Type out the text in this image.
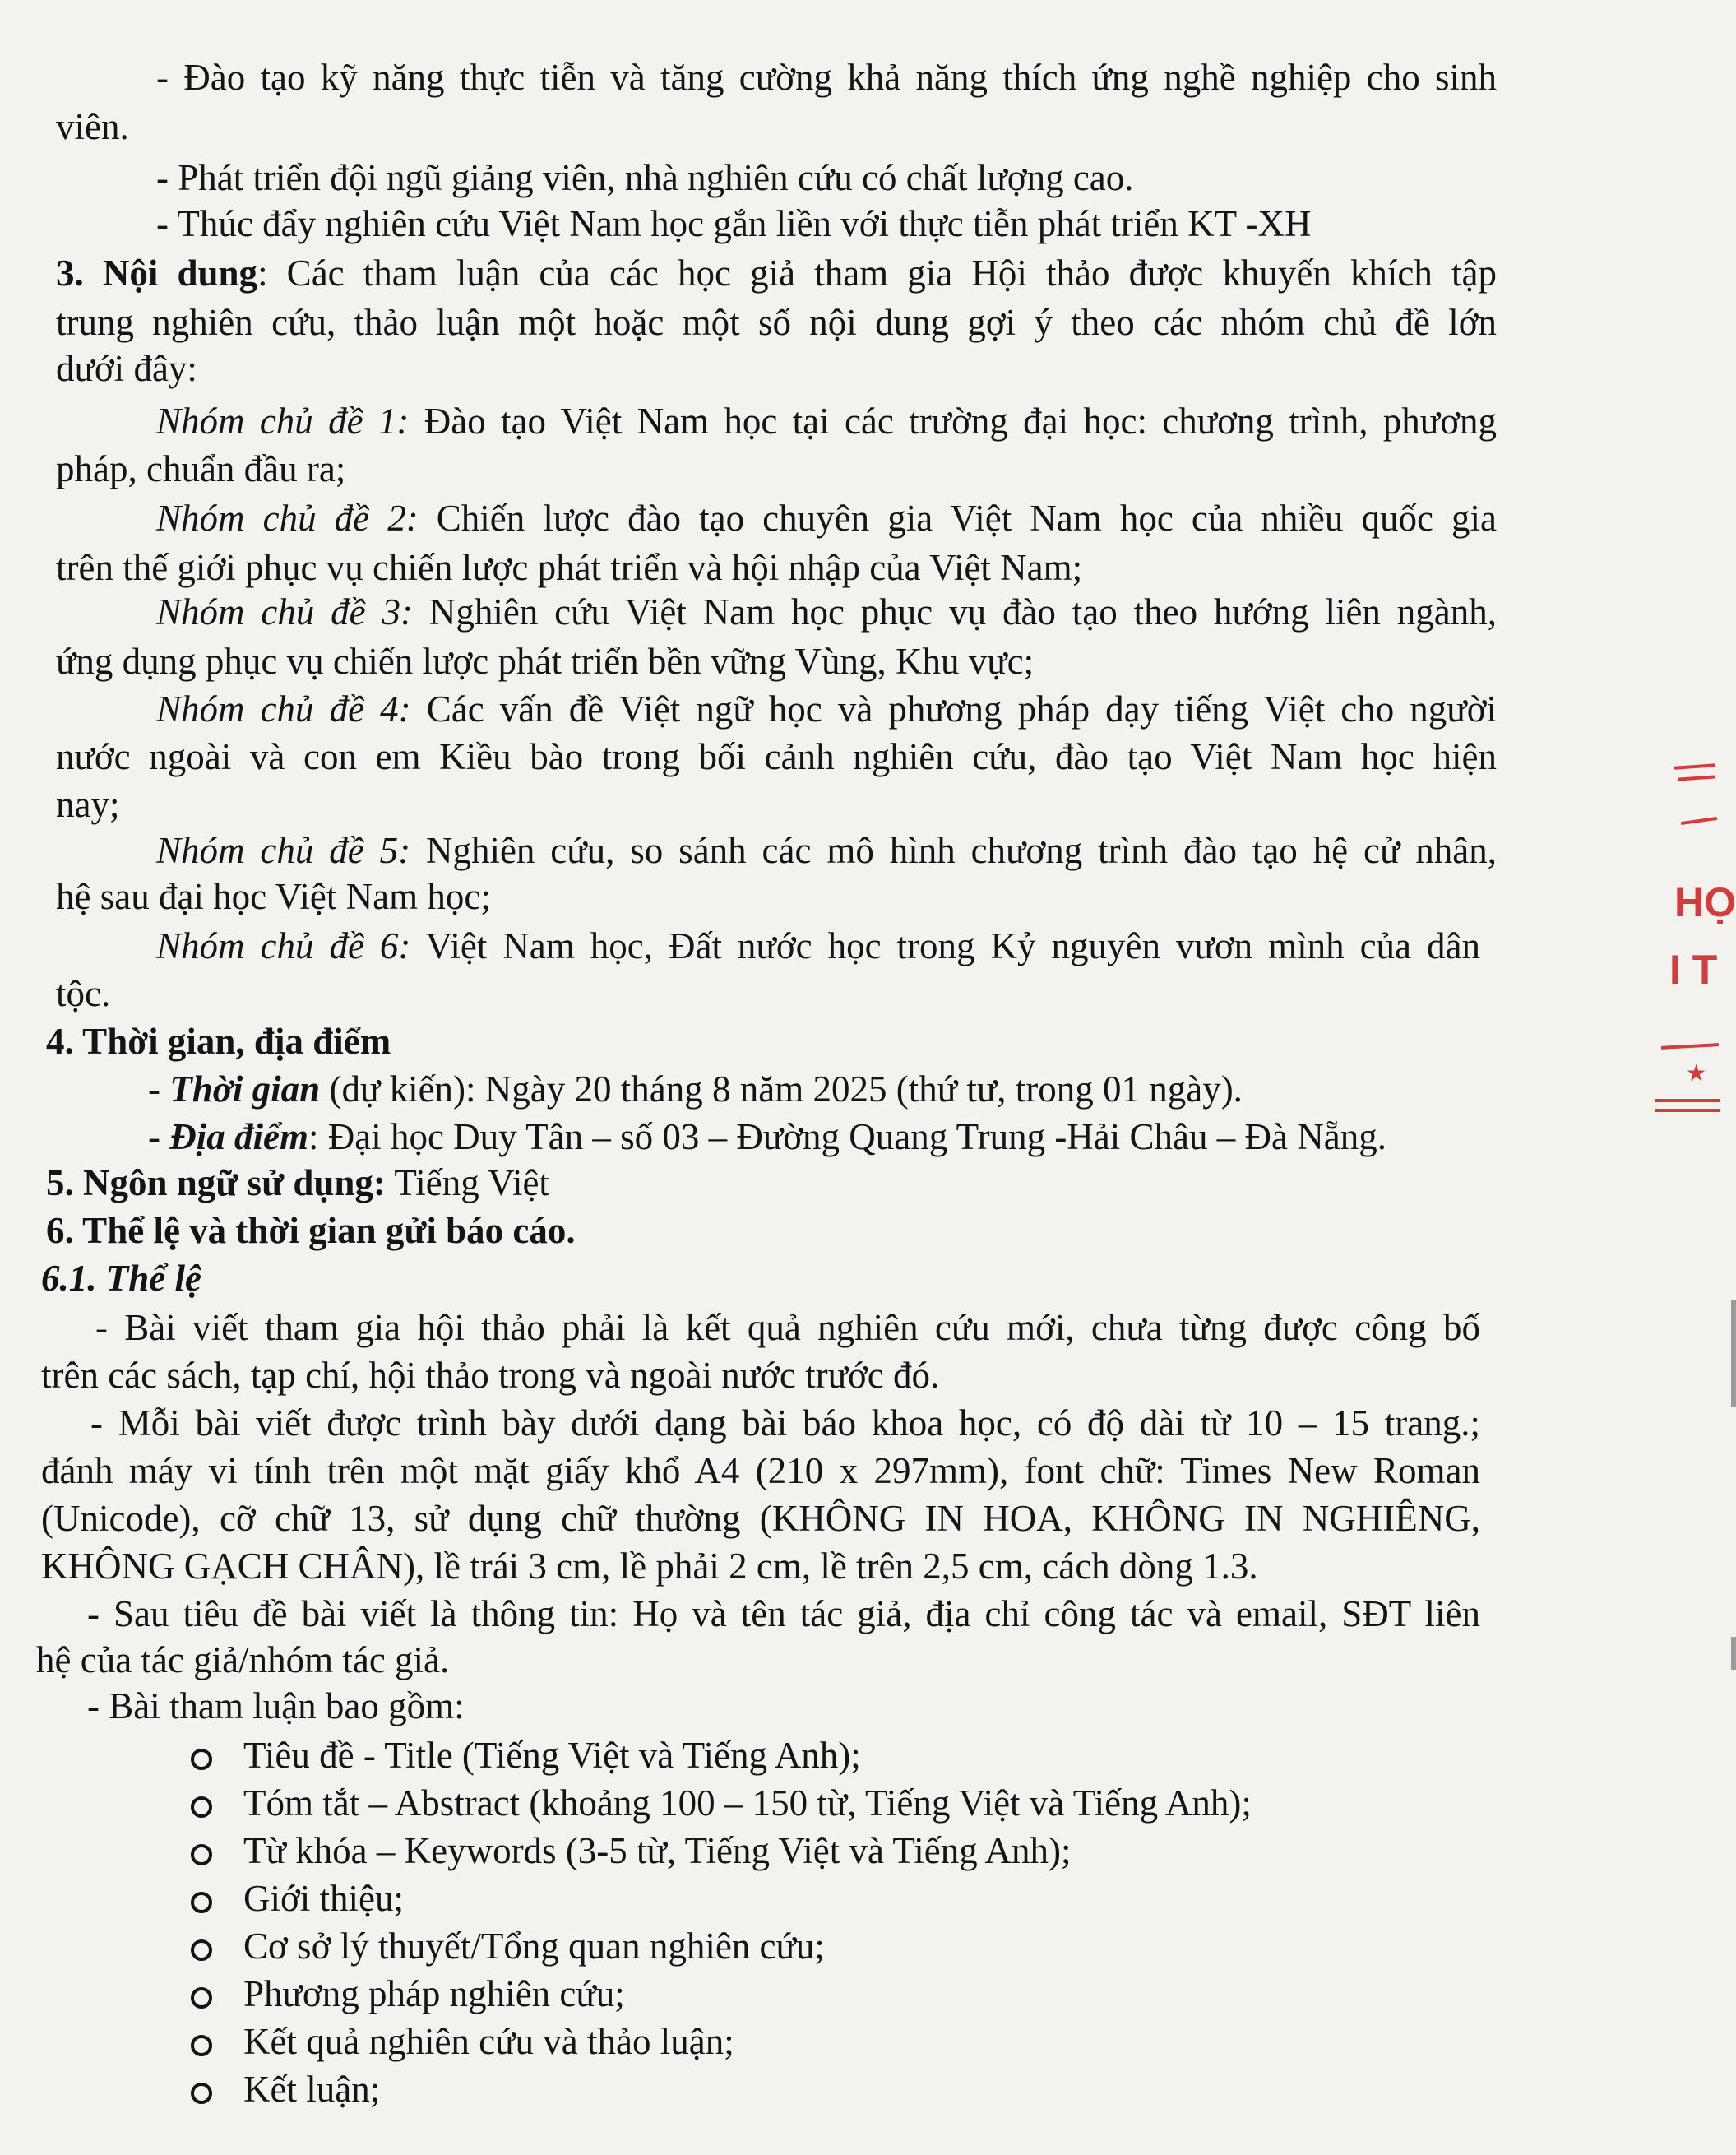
- Đào tạo kỹ năng thực tiễn và tăng cường khả năng thích ứng nghề nghiệp cho sinh
viên.
- Phát triển đội ngũ giảng viên, nhà nghiên cứu có chất lượng cao.
- Thúc đẩy nghiên cứu Việt Nam học gắn liền với thực tiễn phát triển KT -XH
3. Nội dung: Các tham luận của các học giả tham gia Hội thảo được khuyến khích tập
trung nghiên cứu, thảo luận một hoặc một số nội dung gợi ý theo các nhóm chủ đề lớn
dưới đây:
Nhóm chủ đề 1: Đào tạo Việt Nam học tại các trường đại học: chương trình, phương
pháp, chuẩn đầu ra;
Nhóm chủ đề 2: Chiến lược đào tạo chuyên gia Việt Nam học của nhiều quốc gia
trên thế giới phục vụ chiến lược phát triển và hội nhập của Việt Nam;
Nhóm chủ đề 3: Nghiên cứu Việt Nam học phục vụ đào tạo theo hướng liên ngành,
ứng dụng phục vụ chiến lược phát triển bền vững Vùng, Khu vực;
Nhóm chủ đề 4: Các vấn đề Việt ngữ học và phương pháp dạy tiếng Việt cho người
nước ngoài và con em Kiều bào trong bối cảnh nghiên cứu, đào tạo Việt Nam học hiện
nay;
Nhóm chủ đề 5: Nghiên cứu, so sánh các mô hình chương trình đào tạo hệ cử nhân,
hệ sau đại học Việt Nam học;
Nhóm chủ đề 6: Việt Nam học, Đất nước học trong Kỷ nguyên vươn mình của dân
tộc.
4. Thời gian, địa điểm
- Thời gian (dự kiến): Ngày 20 tháng 8 năm 2025 (thứ tư, trong 01 ngày).
- Địa điểm: Đại học Duy Tân – số 03 – Đường Quang Trung -Hải Châu – Đà Nẵng.
5. Ngôn ngữ sử dụng: Tiếng Việt
6. Thể lệ và thời gian gửi báo cáo.
6.1. Thể lệ
- Bài viết tham gia hội thảo phải là kết quả nghiên cứu mới, chưa từng được công bố
trên các sách, tạp chí, hội thảo trong và ngoài nước trước đó.
- Mỗi bài viết được trình bày dưới dạng bài báo khoa học, có độ dài từ 10 – 15 trang.;
đánh máy vi tính trên một mặt giấy khổ A4 (210 x 297mm), font chữ: Times New Roman
(Unicode), cỡ chữ 13, sử dụng chữ thường (KHÔNG IN HOA, KHÔNG IN NGHIÊNG,
KHÔNG GẠCH CHÂN), lề trái 3 cm, lề phải 2 cm, lề trên 2,5 cm, cách dòng 1.3.
- Sau tiêu đề bài viết là thông tin: Họ và tên tác giả, địa chỉ công tác và email, SĐT liên
hệ của tác giả/nhóm tác giả.
- Bài tham luận bao gồm:
Tiêu đề - Title (Tiếng Việt và Tiếng Anh);
Tóm tắt – Abstract (khoảng 100 – 150 từ, Tiếng Việt và Tiếng Anh);
Từ khóa – Keywords (3-5 từ, Tiếng Việt và Tiếng Anh);
Giới thiệu;
Cơ sở lý thuyết/Tổng quan nghiên cứu;
Phương pháp nghiên cứu;
Kết quả nghiên cứu và thảo luận;
Kết luận;
HỌ
I T
★
